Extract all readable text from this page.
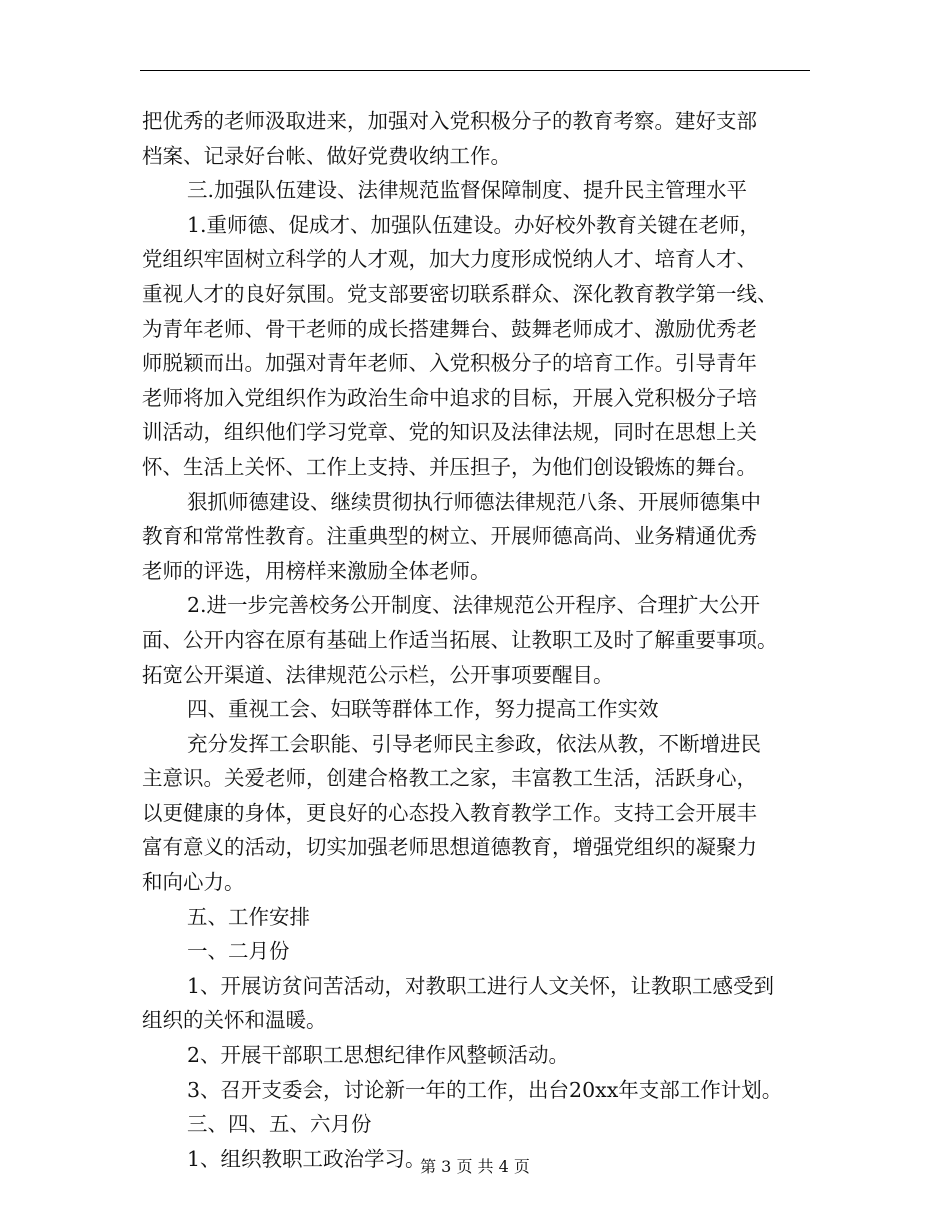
把优秀的老师汲取进来，加强对入党积极分子的教育考察。建好支部
档案、记录好台帐、做好党费收纳工作。
三.加强队伍建设、法律规范监督保障制度、提升民主管理水平
1.重师德、促成才、加强队伍建设。办好校外教育关键在老师，
党组织牢固树立科学的人才观，加大力度形成悦纳人才、培育人才、
重视人才的良好氛围。党支部要密切联系群众、深化教育教学第一线、
为青年老师、骨干老师的成长搭建舞台、鼓舞老师成才、激励优秀老
师脱颖而出。加强对青年老师、入党积极分子的培育工作。引导青年
老师将加入党组织作为政治生命中追求的目标，开展入党积极分子培
训活动，组织他们学习党章、党的知识及法律法规，同时在思想上关
怀、生活上关怀、工作上支持、并压担子，为他们创设锻炼的舞台。
狠抓师德建设、继续贯彻执行师德法律规范八条、开展师德集中
教育和常常性教育。注重典型的树立、开展师德高尚、业务精通优秀
老师的评选，用榜样来激励全体老师。
2.进一步完善校务公开制度、法律规范公开程序、合理扩大公开
面、公开内容在原有基础上作适当拓展、让教职工及时了解重要事项。
拓宽公开渠道、法律规范公示栏，公开事项要醒目。
四、重视工会、妇联等群体工作，努力提高工作实效
充分发挥工会职能、引导老师民主参政，依法从教，不断增进民
主意识。关爱老师，创建合格教工之家，丰富教工生活，活跃身心，
以更健康的身体，更良好的心态投入教育教学工作。支持工会开展丰
富有意义的活动，切实加强老师思想道德教育，增强党组织的凝聚力
和向心力。
五、工作安排
一、二月份
1、开展访贫问苦活动，对教职工进行人文关怀，让教职工感受到
组织的关怀和温暖。
2、开展干部职工思想纪律作风整顿活动。
3、召开支委会，讨论新一年的工作，出台20xx年支部工作计划。
三、四、五、六月份
1、组织教职工政治学习。
第 3 页 共 4 页
